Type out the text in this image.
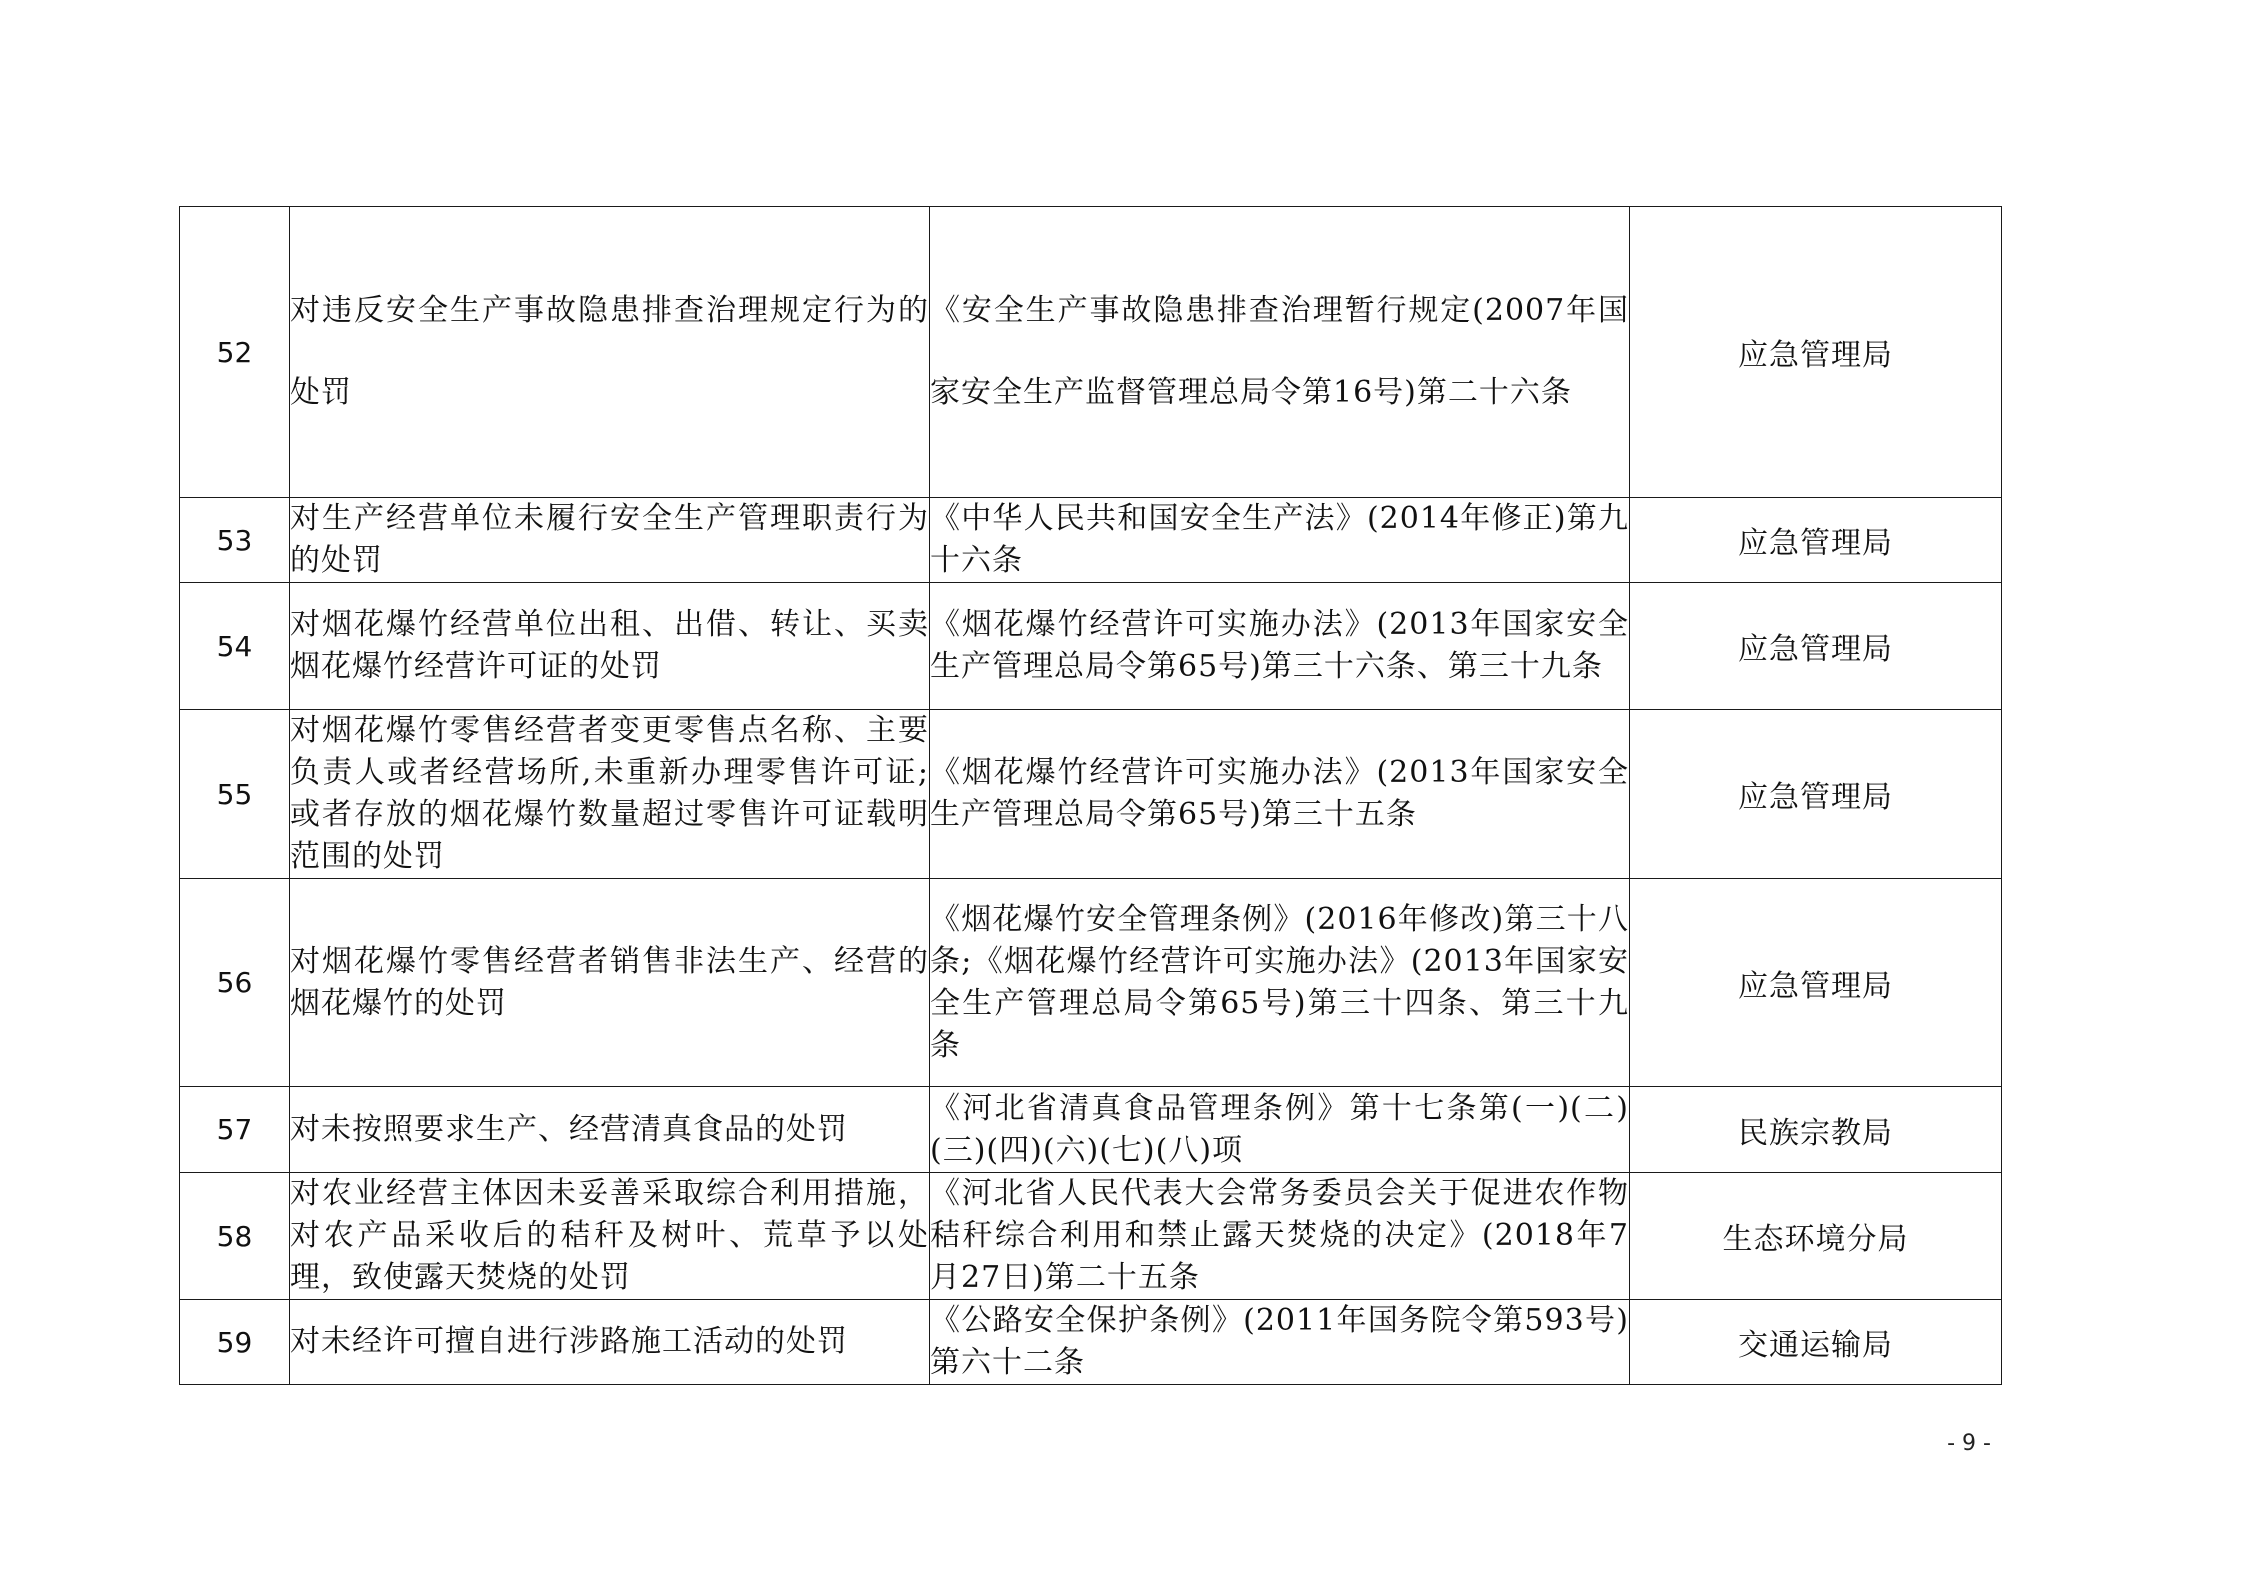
52	对违反安全生产事故隐患排查治理规定行为的处罚	《安全生产事故隐患排查治理暂行规定(2007年国家安全生产监督管理总局令第16号)第二十六条	应急管理局
53	对生产经营单位未履行安全生产管理职责行为的处罚	《中华人民共和国安全生产法》(2014年修正)第九十六条	应急管理局
54	对烟花爆竹经营单位出租、出借、转让、买卖烟花爆竹经营许可证的处罚	《烟花爆竹经营许可实施办法》(2013年国家安全生产管理总局令第65号)第三十六条、第三十九条	应急管理局
55	对烟花爆竹零售经营者变更零售点名称、主要负责人或者经营场所,未重新办理零售许可证;或者存放的烟花爆竹数量超过零售许可证载明范围的处罚	《烟花爆竹经营许可实施办法》(2013年国家安全生产管理总局令第65号)第三十五条	应急管理局
56	对烟花爆竹零售经营者销售非法生产、经营的烟花爆竹的处罚	《烟花爆竹安全管理条例》(2016年修改)第三十八条;《烟花爆竹经营许可实施办法》(2013年国家安全生产管理总局令第65号)第三十四条、第三十九条	应急管理局
57	对未按照要求生产、经营清真食品的处罚	《河北省清真食品管理条例》第十七条第(一)(二)(三)(四)(六)(七)(八)项	民族宗教局
58	对农业经营主体因未妥善采取综合利用措施，对农产品采收后的秸秆及树叶、荒草予以处理，致使露天焚烧的处罚	《河北省人民代表大会常务委员会关于促进农作物秸秆综合利用和禁止露天焚烧的决定》(2018年7月27日)第二十五条	生态环境分局
59	对未经许可擅自进行涉路施工活动的处罚	《公路安全保护条例》(2011年国务院令第593号)第六十二条	交通运输局
- 9 -
